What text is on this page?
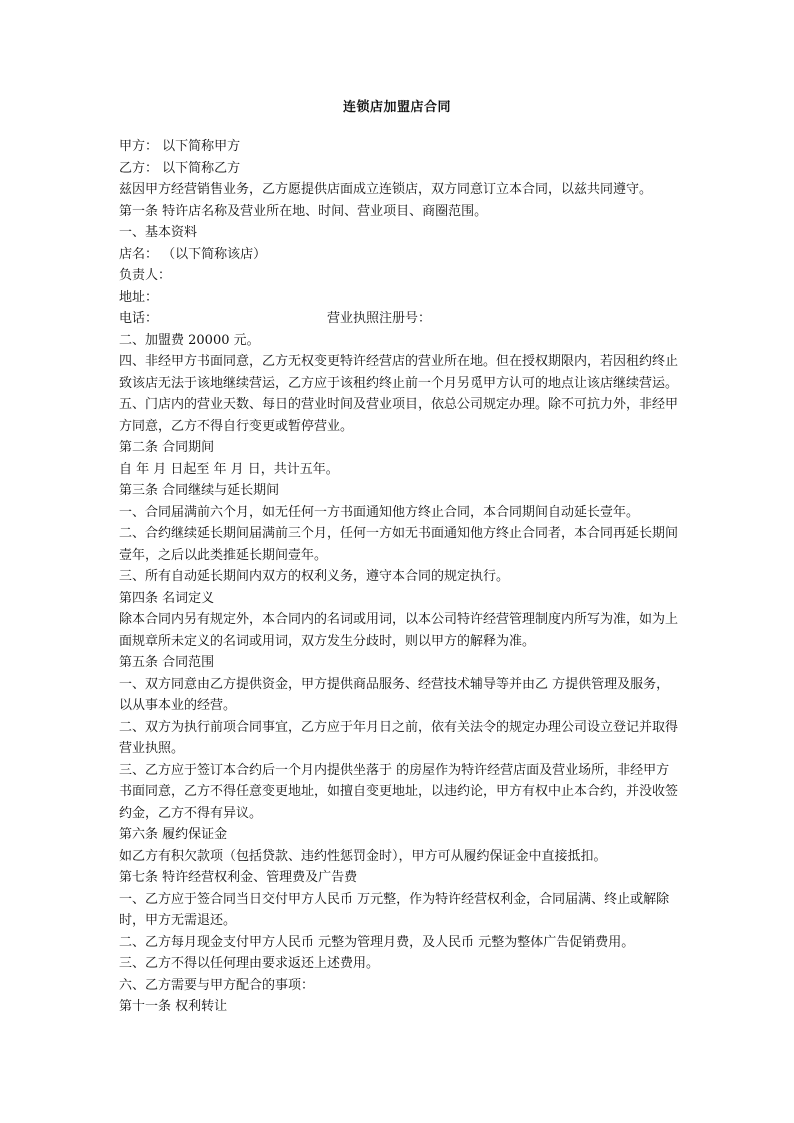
连锁店加盟店合同

甲方： 以下简称甲方

乙方： 以下简称乙方

兹因甲方经营销售业务，乙方愿提供店面成立连锁店，双方同意订立本合同，以兹共同遵守。

第一条 特许店名称及营业所在地、时间、营业项目、商圈范围。

一、基本资料

店名： （以下简称该店）

负责人：

地址：

电话：	营业执照注册号：

二、加盟费 20000 元。

四、非经甲方书面同意，乙方无权变更特许经营店的营业所在地。但在授权期限内，若因租约终止致该店无法于该地继续营运，乙方应于该租约终止前一个月另觅甲方认可的地点让该店继续营运。

五、门店内的营业天数、每日的营业时间及营业项目，依总公司规定办理。除不可抗力外，非经甲方同意，乙方不得自行变更或暂停营业。

第二条 合同期间

自 年 月 日起至 年 月 日，共计五年。

第三条 合同继续与延长期间

一、合同届满前六个月，如无任何一方书面通知他方终止合同，本合同期间自动延长壹年。

二、合约继续延长期间届满前三个月，任何一方如无书面通知他方终止合同者，本合同再延长期间壹年，之后以此类推延长期间壹年。

三、所有自动延长期间内双方的权利义务，遵守本合同的规定执行。

第四条 名词定义

除本合同内另有规定外，本合同内的名词或用词，以本公司特许经营管理制度内所写为准，如为上面规章所未定义的名词或用词，双方发生分歧时，则以甲方的解释为准。

第五条 合同范围

一、双方同意由乙方提供资金，甲方提供商品服务、经营技术辅导等并由乙 方提供管理及服务，以从事本业的经营。

二、双方为执行前项合同事宜，乙方应于年月日之前，依有关法令的规定办理公司设立登记并取得营业执照。

三、乙方应于签订本合约后一个月内提供坐落于 的房屋作为特许经营店面及营业场所，非经甲方书面同意，乙方不得任意变更地址，如擅自变更地址，以违约论，甲方有权中止本合约，并没收签约金，乙方不得有异议。

第六条 履约保证金

如乙方有积欠款项（包括贷款、违约性惩罚金时），甲方可从履约保证金中直接抵扣。

第七条 特许经营权利金、管理费及广告费

一、乙方应于签合同当日交付甲方人民币 万元整，作为特许经营权利金，合同届满、终止或解除时，甲方无需退还。

二、乙方每月现金支付甲方人民币 元整为管理月费，及人民币 元整为整体广告促销费用。

三、乙方不得以任何理由要求返还上述费用。

六、乙方需要与甲方配合的事项：

第十一条 权利转让
